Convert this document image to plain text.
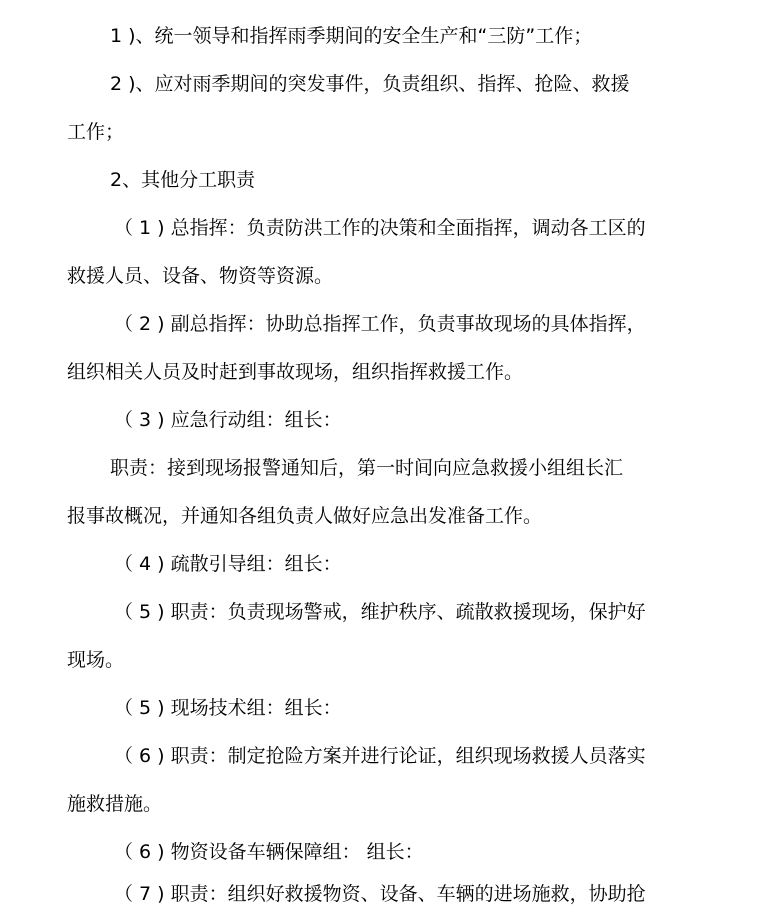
1 )、统一领导和指挥雨季期间的安全生产和“三防”工作；
2 )、应对雨季期间的突发事件，负责组织、指挥、抢险、救援
工作；
2、其他分工职责
（ 1 ) 总指挥：负责防洪工作的决策和全面指挥，调动各工区的
救援人员、设备、物资等资源。
（ 2 ) 副总指挥：协助总指挥工作，负责事故现场的具体指挥，
组织相关人员及时赶到事故现场，组织指挥救援工作。
（ 3 ) 应急行动组：组长：
职责：接到现场报警通知后，第一时间向应急救援小组组长汇
报事故概况，并通知各组负责人做好应急出发准备工作。
（ 4 ) 疏散引导组：组长：
（ 5 ) 职责：负责现场警戒，维护秩序、疏散救援现场，保护好
现场。
（ 5 ) 现场技术组：组长：
（ 6 ) 职责：制定抢险方案并进行论证，组织现场救援人员落实
施救措施。
（ 6 ) 物资设备车辆保障组： 组长：
（ 7 ) 职责：组织好救援物资、设备、车辆的进场施救，协助抢
